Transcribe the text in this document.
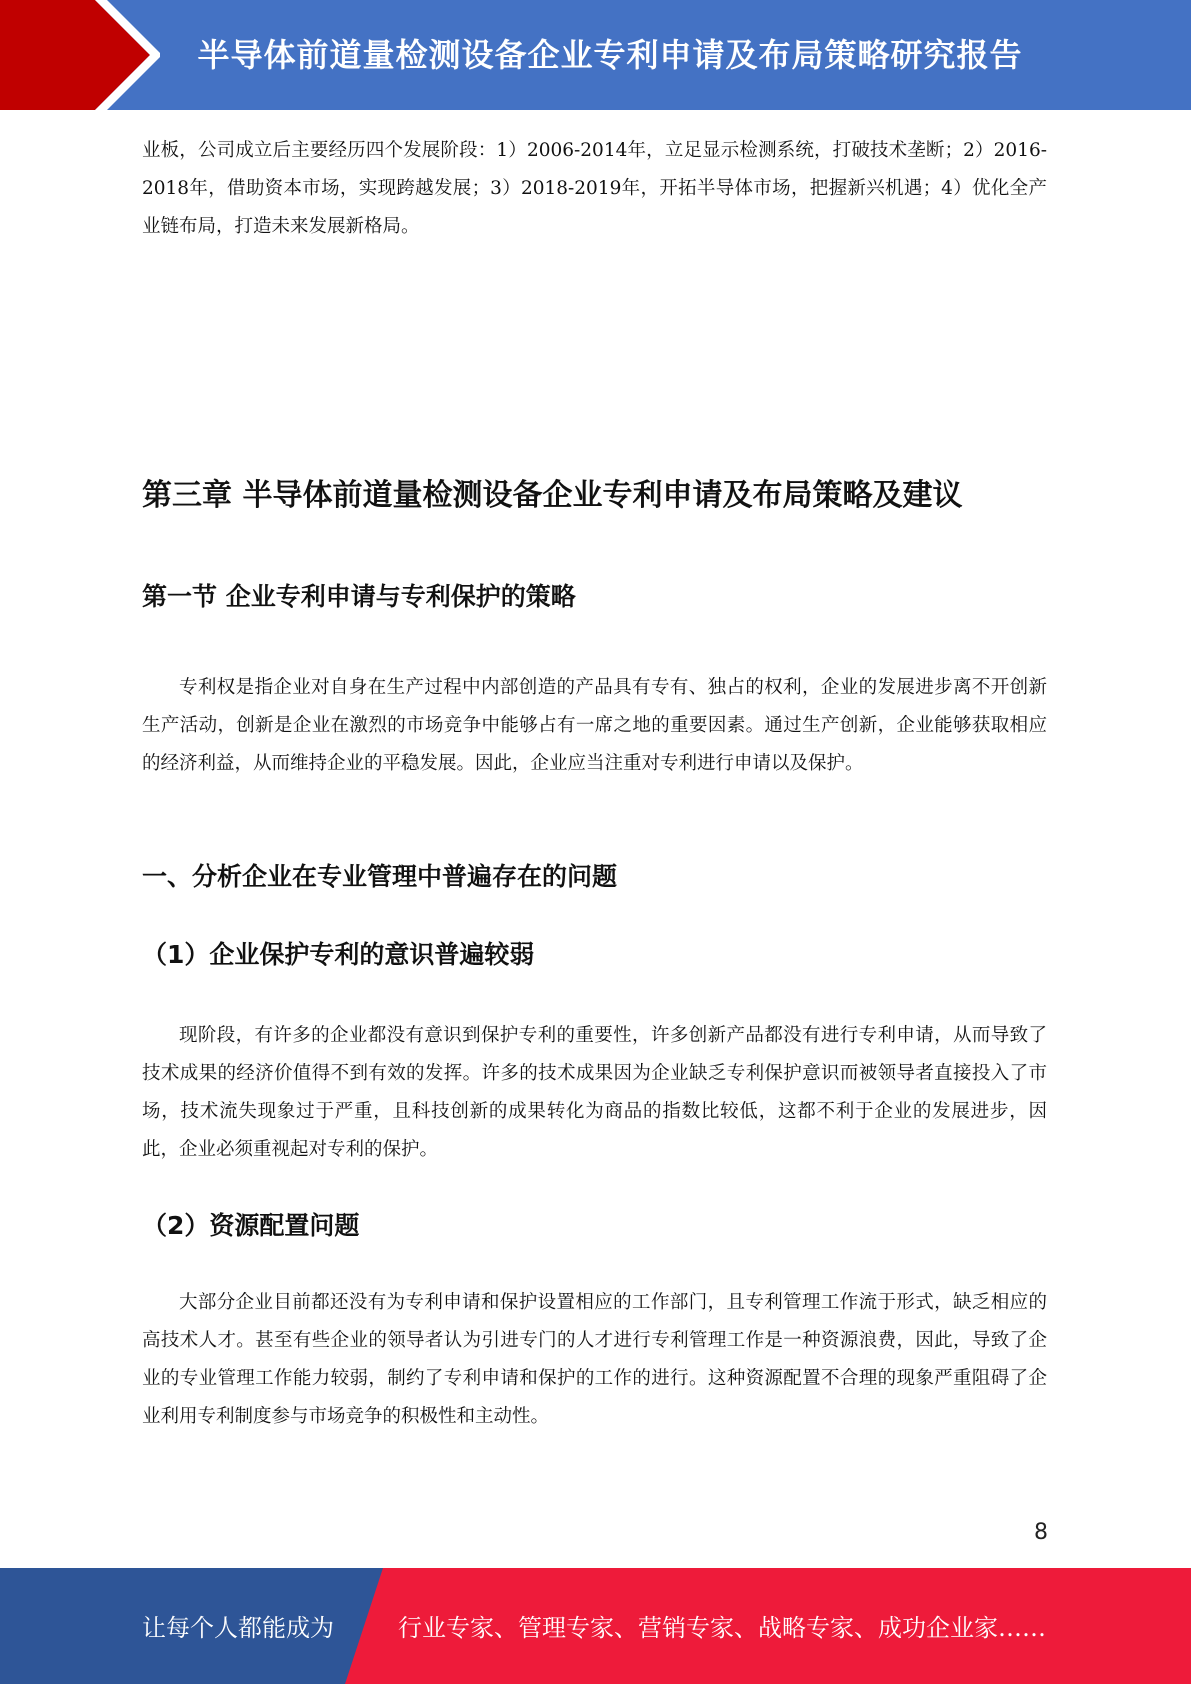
半导体前道量检测设备企业专利申请及布局策略研究报告

业板，公司成立后主要经历四个发展阶段：1）2006-2014年，立足显示检测系统，打破技术垄断；2）2016-2018年，借助资本市场，实现跨越发展；3）2018-2019年，开拓半导体市场，把握新兴机遇；4）优化全产业链布局，打造未来发展新格局。

第三章 半导体前道量检测设备企业专利申请及布局策略及建议
第一节 企业专利申请与专利保护的策略

专利权是指企业对自身在生产过程中内部创造的产品具有专有、独占的权利，企业的发展进步离不开创新生产活动，创新是企业在激烈的市场竞争中能够占有一席之地的重要因素。通过生产创新，企业能够获取相应的经济利益，从而维持企业的平稳发展。因此，企业应当注重对专利进行申请以及保护。

一、分析企业在专业管理中普遍存在的问题
（1）企业保护专利的意识普遍较弱

现阶段，有许多的企业都没有意识到保护专利的重要性，许多创新产品都没有进行专利申请，从而导致了技术成果的经济价值得不到有效的发挥。许多的技术成果因为企业缺乏专利保护意识而被领导者直接投入了市场，技术流失现象过于严重，且科技创新的成果转化为商品的指数比较低，这都不利于企业的发展进步，因此，企业必须重视起对专利的保护。

（2）资源配置问题

大部分企业目前都还没有为专利申请和保护设置相应的工作部门，且专利管理工作流于形式，缺乏相应的高技术人才。甚至有些企业的领导者认为引进专门的人才进行专利管理工作是一种资源浪费，因此，导致了企业的专业管理工作能力较弱，制约了专利申请和保护的工作的进行。这种资源配置不合理的现象严重阻碍了企业利用专利制度参与市场竞争的积极性和主动性。

8
让每个人都能成为	行业专家、管理专家、营销专家、战略专家、成功企业家……
